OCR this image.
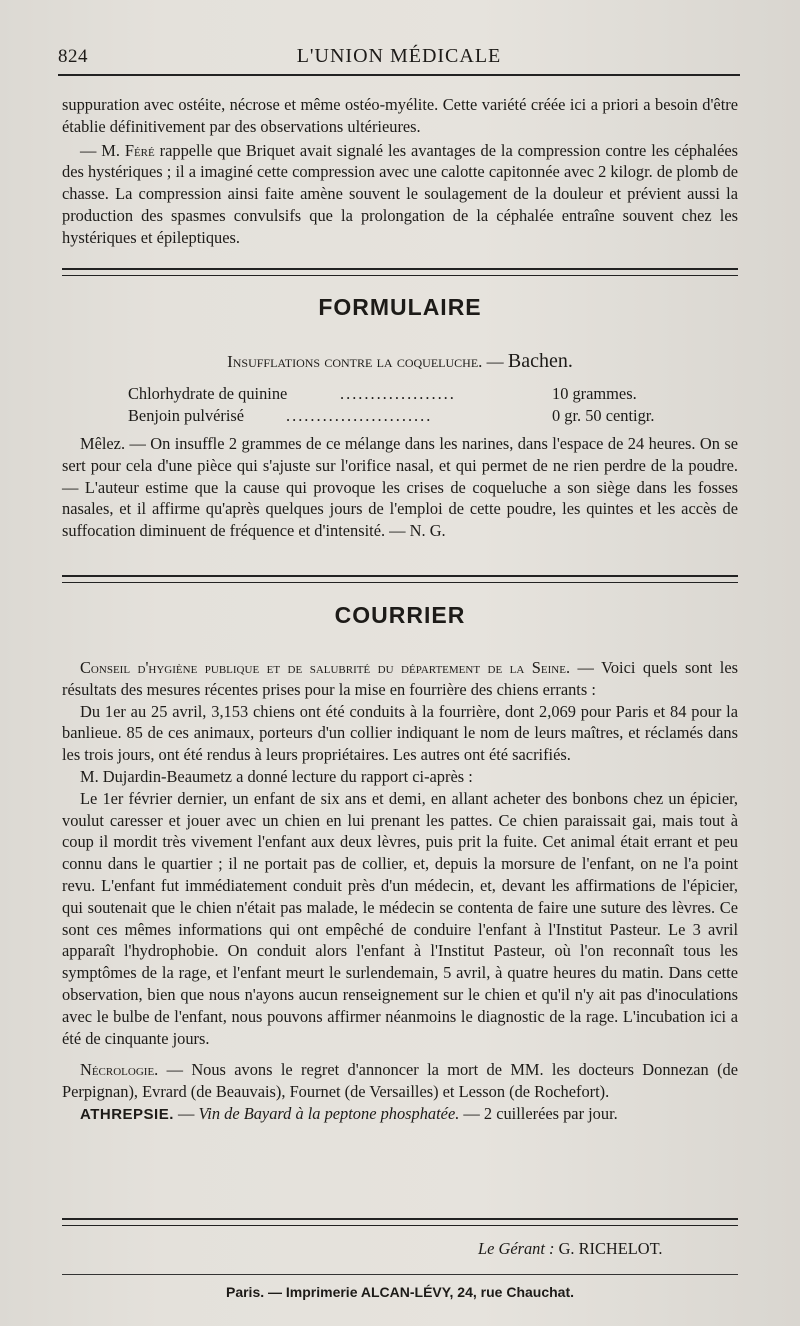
824	L'UNION MÉDICALE

suppuration avec ostéite, nécrose et même ostéo-myélite. Cette variété créée ici a priori a besoin d'être établie définitivement par des observations ultérieures.

— M. Féré rappelle que Briquet avait signalé les avantages de la compression contre les céphalées des hystériques ; il a imaginé cette compression avec une calotte capitonnée avec 2 kilogr. de plomb de chasse. La compression ainsi faite amène souvent le soulagement de la douleur et prévient aussi la production des spasmes convulsifs que la prolongation de la céphalée entraîne souvent chez les hystériques et épileptiques.

FORMULAIRE
Insufflations contre la coqueluche. — Bachen.
Chlorhydrate de quinine	...................	10 grammes.
Benjoin pulvérisé	........................	0 gr. 50 centigr.

Mêlez. — On insuffle 2 grammes de ce mélange dans les narines, dans l'espace de 24 heures. On se sert pour cela d'une pièce qui s'ajuste sur l'orifice nasal, et qui permet de ne rien perdre de la poudre. — L'auteur estime que la cause qui provoque les crises de coqueluche a son siège dans les fosses nasales, et il affirme qu'après quelques jours de l'emploi de cette poudre, les quintes et les accès de suffocation diminuent de fréquence et d'intensité. — N. G.

COURRIER

Conseil d'hygiène publique et de salubrité du département de la Seine. — Voici quels sont les résultats des mesures récentes prises pour la mise en fourrière des chiens errants :

Du 1er au 25 avril, 3,153 chiens ont été conduits à la fourrière, dont 2,069 pour Paris et 84 pour la banlieue. 85 de ces animaux, porteurs d'un collier indiquant le nom de leurs maîtres, et réclamés dans les trois jours, ont été rendus à leurs propriétaires. Les autres ont été sacrifiés.

M. Dujardin-Beaumetz a donné lecture du rapport ci-après :

Le 1er février dernier, un enfant de six ans et demi, en allant acheter des bonbons chez un épicier, voulut caresser et jouer avec un chien en lui prenant les pattes. Ce chien paraissait gai, mais tout à coup il mordit très vivement l'enfant aux deux lèvres, puis prit la fuite. Cet animal était errant et peu connu dans le quartier ; il ne portait pas de collier, et, depuis la morsure de l'enfant, on ne l'a point revu. L'enfant fut immédiatement conduit près d'un médecin, et, devant les affirmations de l'épicier, qui soutenait que le chien n'était pas malade, le médecin se contenta de faire une suture des lèvres. Ce sont ces mêmes informations qui ont empêché de conduire l'enfant à l'Institut Pasteur. Le 3 avril apparaît l'hydrophobie. On conduit alors l'enfant à l'Institut Pasteur, où l'on reconnaît tous les symptômes de la rage, et l'enfant meurt le surlendemain, 5 avril, à quatre heures du matin. Dans cette observation, bien que nous n'ayons aucun renseignement sur le chien et qu'il n'y ait pas d'inoculations avec le bulbe de l'enfant, nous pouvons affirmer néanmoins le diagnostic de la rage. L'incubation ici a été de cinquante jours.

Nécrologie. — Nous avons le regret d'annoncer la mort de MM. les docteurs Donnezan (de Perpignan), Evrard (de Beauvais), Fournet (de Versailles) et Lesson (de Rochefort).

ATHREPSIE. — Vin de Bayard à la peptone phosphatée. — 2 cuillerées par jour.

Le Gérant : G. RICHELOT.
Paris. — Imprimerie ALCAN-LÉVY, 24, rue Chauchat.
